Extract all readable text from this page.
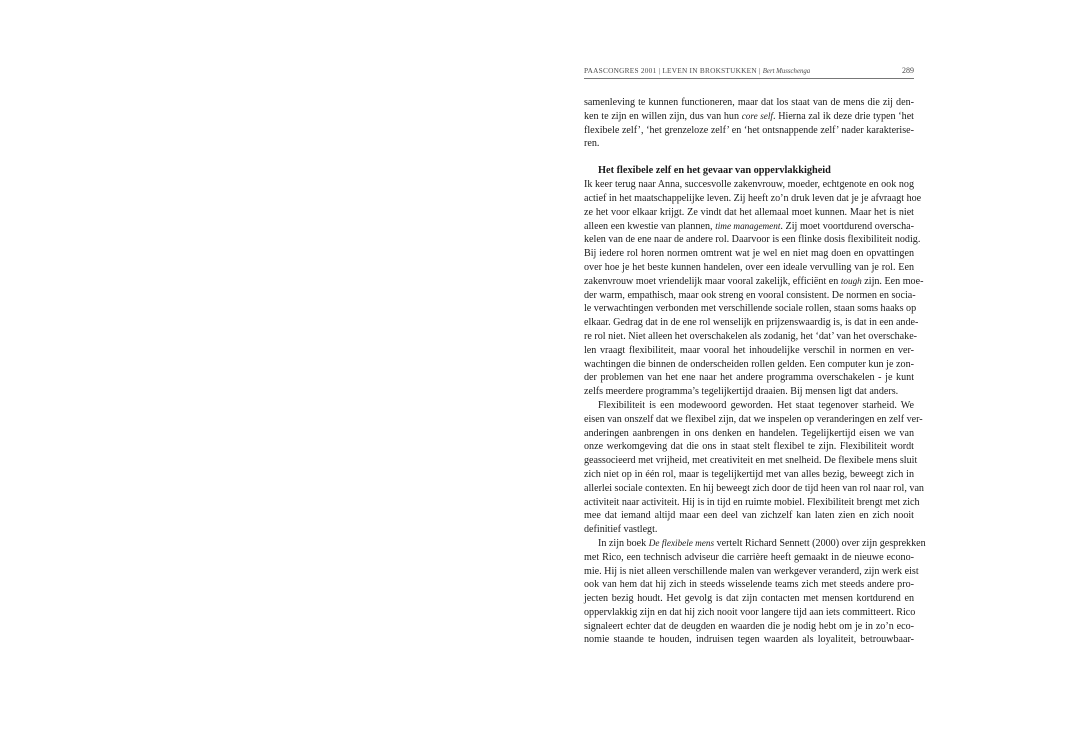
PAASCONGRES 2001 | LEVEN IN BROKSTUKKEN | Bert Musschenga	289
samenleving te kunnen functioneren, maar dat los staat van de mens die zij den-
ken te zijn en willen zijn, dus van hun core self. Hierna zal ik deze drie typen ‘het
flexibele zelf’, ‘het grenzeloze zelf’ en ‘het ontsnappende zelf’ nader karakterise-
ren.
Het flexibele zelf en het gevaar van oppervlakkigheid
Ik keer terug naar Anna, succesvolle zakenvrouw, moeder, echtgenote en ook nog
actief in het maatschappelijke leven. Zij heeft zo’n druk leven dat je je afvraagt hoe
ze het voor elkaar krijgt. Ze vindt dat het allemaal moet kunnen. Maar het is niet
alleen een kwestie van plannen, time management. Zij moet voortdurend overscha-
kelen van de ene naar de andere rol. Daarvoor is een flinke dosis flexibiliteit nodig.
Bij iedere rol horen normen omtrent wat je wel en niet mag doen en opvattingen
over hoe je het beste kunnen handelen, over een ideale vervulling van je rol. Een
zakenvrouw moet vriendelijk maar vooral zakelijk, efficiënt en tough zijn. Een moe-
der warm, empathisch, maar ook streng en vooral consistent. De normen en socia-
le verwachtingen verbonden met verschillende sociale rollen, staan soms haaks op
elkaar. Gedrag dat in de ene rol wenselijk en prijzenswaardig is, is dat in een ande-
re rol niet. Niet alleen het overschakelen als zodanig, het ‘dat’ van het overschake-
len vraagt flexibiliteit, maar vooral het inhoudelijke verschil in normen en ver-
wachtingen die binnen de onderscheiden rollen gelden. Een computer kun je zon-
der problemen van het ene naar het andere programma overschakelen - je kunt
zelfs meerdere programma’s tegelijkertijd draaien. Bij mensen ligt dat anders.
Flexibiliteit is een modewoord geworden. Het staat tegenover starheid. We
eisen van onszelf dat we flexibel zijn, dat we inspelen op veranderingen en zelf ver-
anderingen aanbrengen in ons denken en handelen. Tegelijkertijd eisen we van
onze werkomgeving dat die ons in staat stelt flexibel te zijn. Flexibiliteit wordt
geassocieerd met vrijheid, met creativiteit en met snelheid. De flexibele mens sluit
zich niet op in één rol, maar is tegelijkertijd met van alles bezig, beweegt zich in
allerlei sociale contexten. En hij beweegt zich door de tijd heen van rol naar rol, van
activiteit naar activiteit. Hij is in tijd en ruimte mobiel. Flexibiliteit brengt met zich
mee dat iemand altijd maar een deel van zichzelf kan laten zien en zich nooit
definitief vastlegt.
In zijn boek De flexibele mens vertelt Richard Sennett (2000) over zijn gesprekken
met Rico, een technisch adviseur die carrière heeft gemaakt in de nieuwe econo-
mie. Hij is niet alleen verschillende malen van werkgever veranderd, zijn werk eist
ook van hem dat hij zich in steeds wisselende teams zich met steeds andere pro-
jecten bezig houdt. Het gevolg is dat zijn contacten met mensen kortdurend en
oppervlakkig zijn en dat hij zich nooit voor langere tijd aan iets committeert. Rico
signaleert echter dat de deugden en waarden die je nodig hebt om je in zo’n eco-
nomie staande te houden, indruisen tegen waarden als loyaliteit, betrouwbaar-
